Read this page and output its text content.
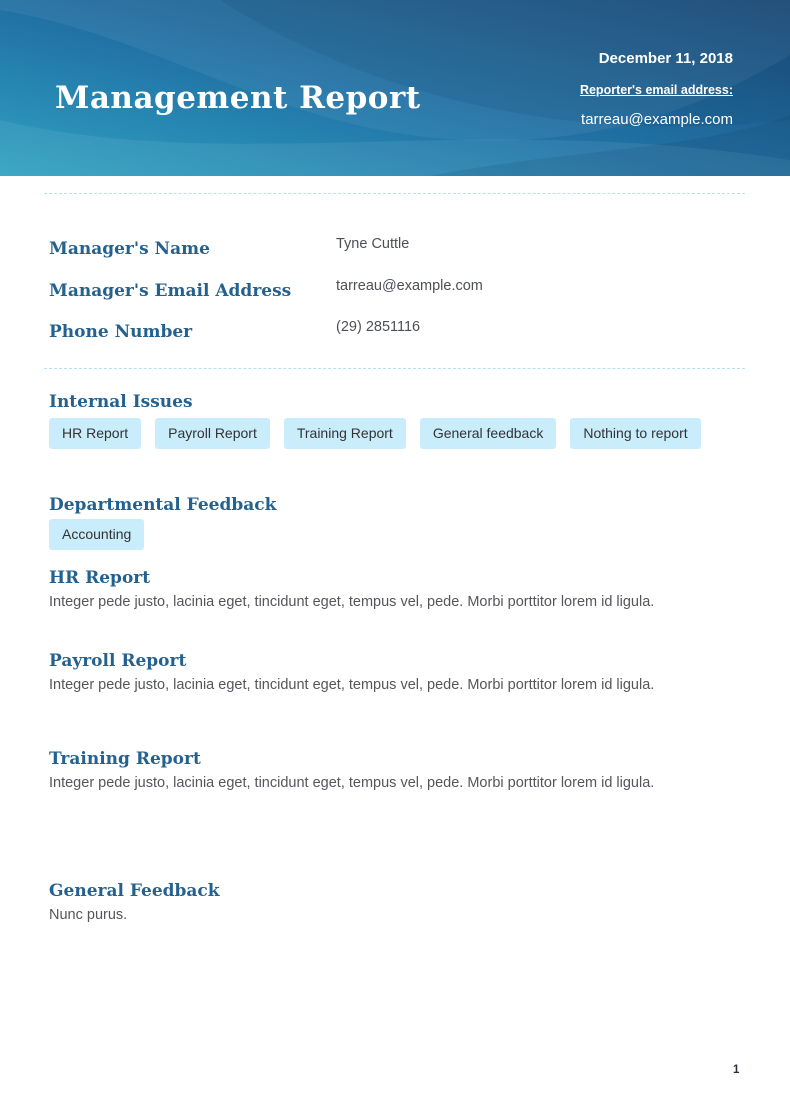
Management Report
December 11, 2018
Reporter's email address:
tarreau@example.com
Manager's Name	Tyne Cuttle
Manager's Email Address	tarreau@example.com
Phone Number	(29) 2851116
Internal Issues
HR Report	Payroll Report	Training Report	General feedback	Nothing to report
Departmental Feedback
Accounting
HR Report
Integer pede justo, lacinia eget, tincidunt eget, tempus vel, pede. Morbi porttitor lorem id ligula.
Payroll Report
Integer pede justo, lacinia eget, tincidunt eget, tempus vel, pede. Morbi porttitor lorem id ligula.
Training Report
Integer pede justo, lacinia eget, tincidunt eget, tempus vel, pede. Morbi porttitor lorem id ligula.
General Feedback
Nunc purus.
1
